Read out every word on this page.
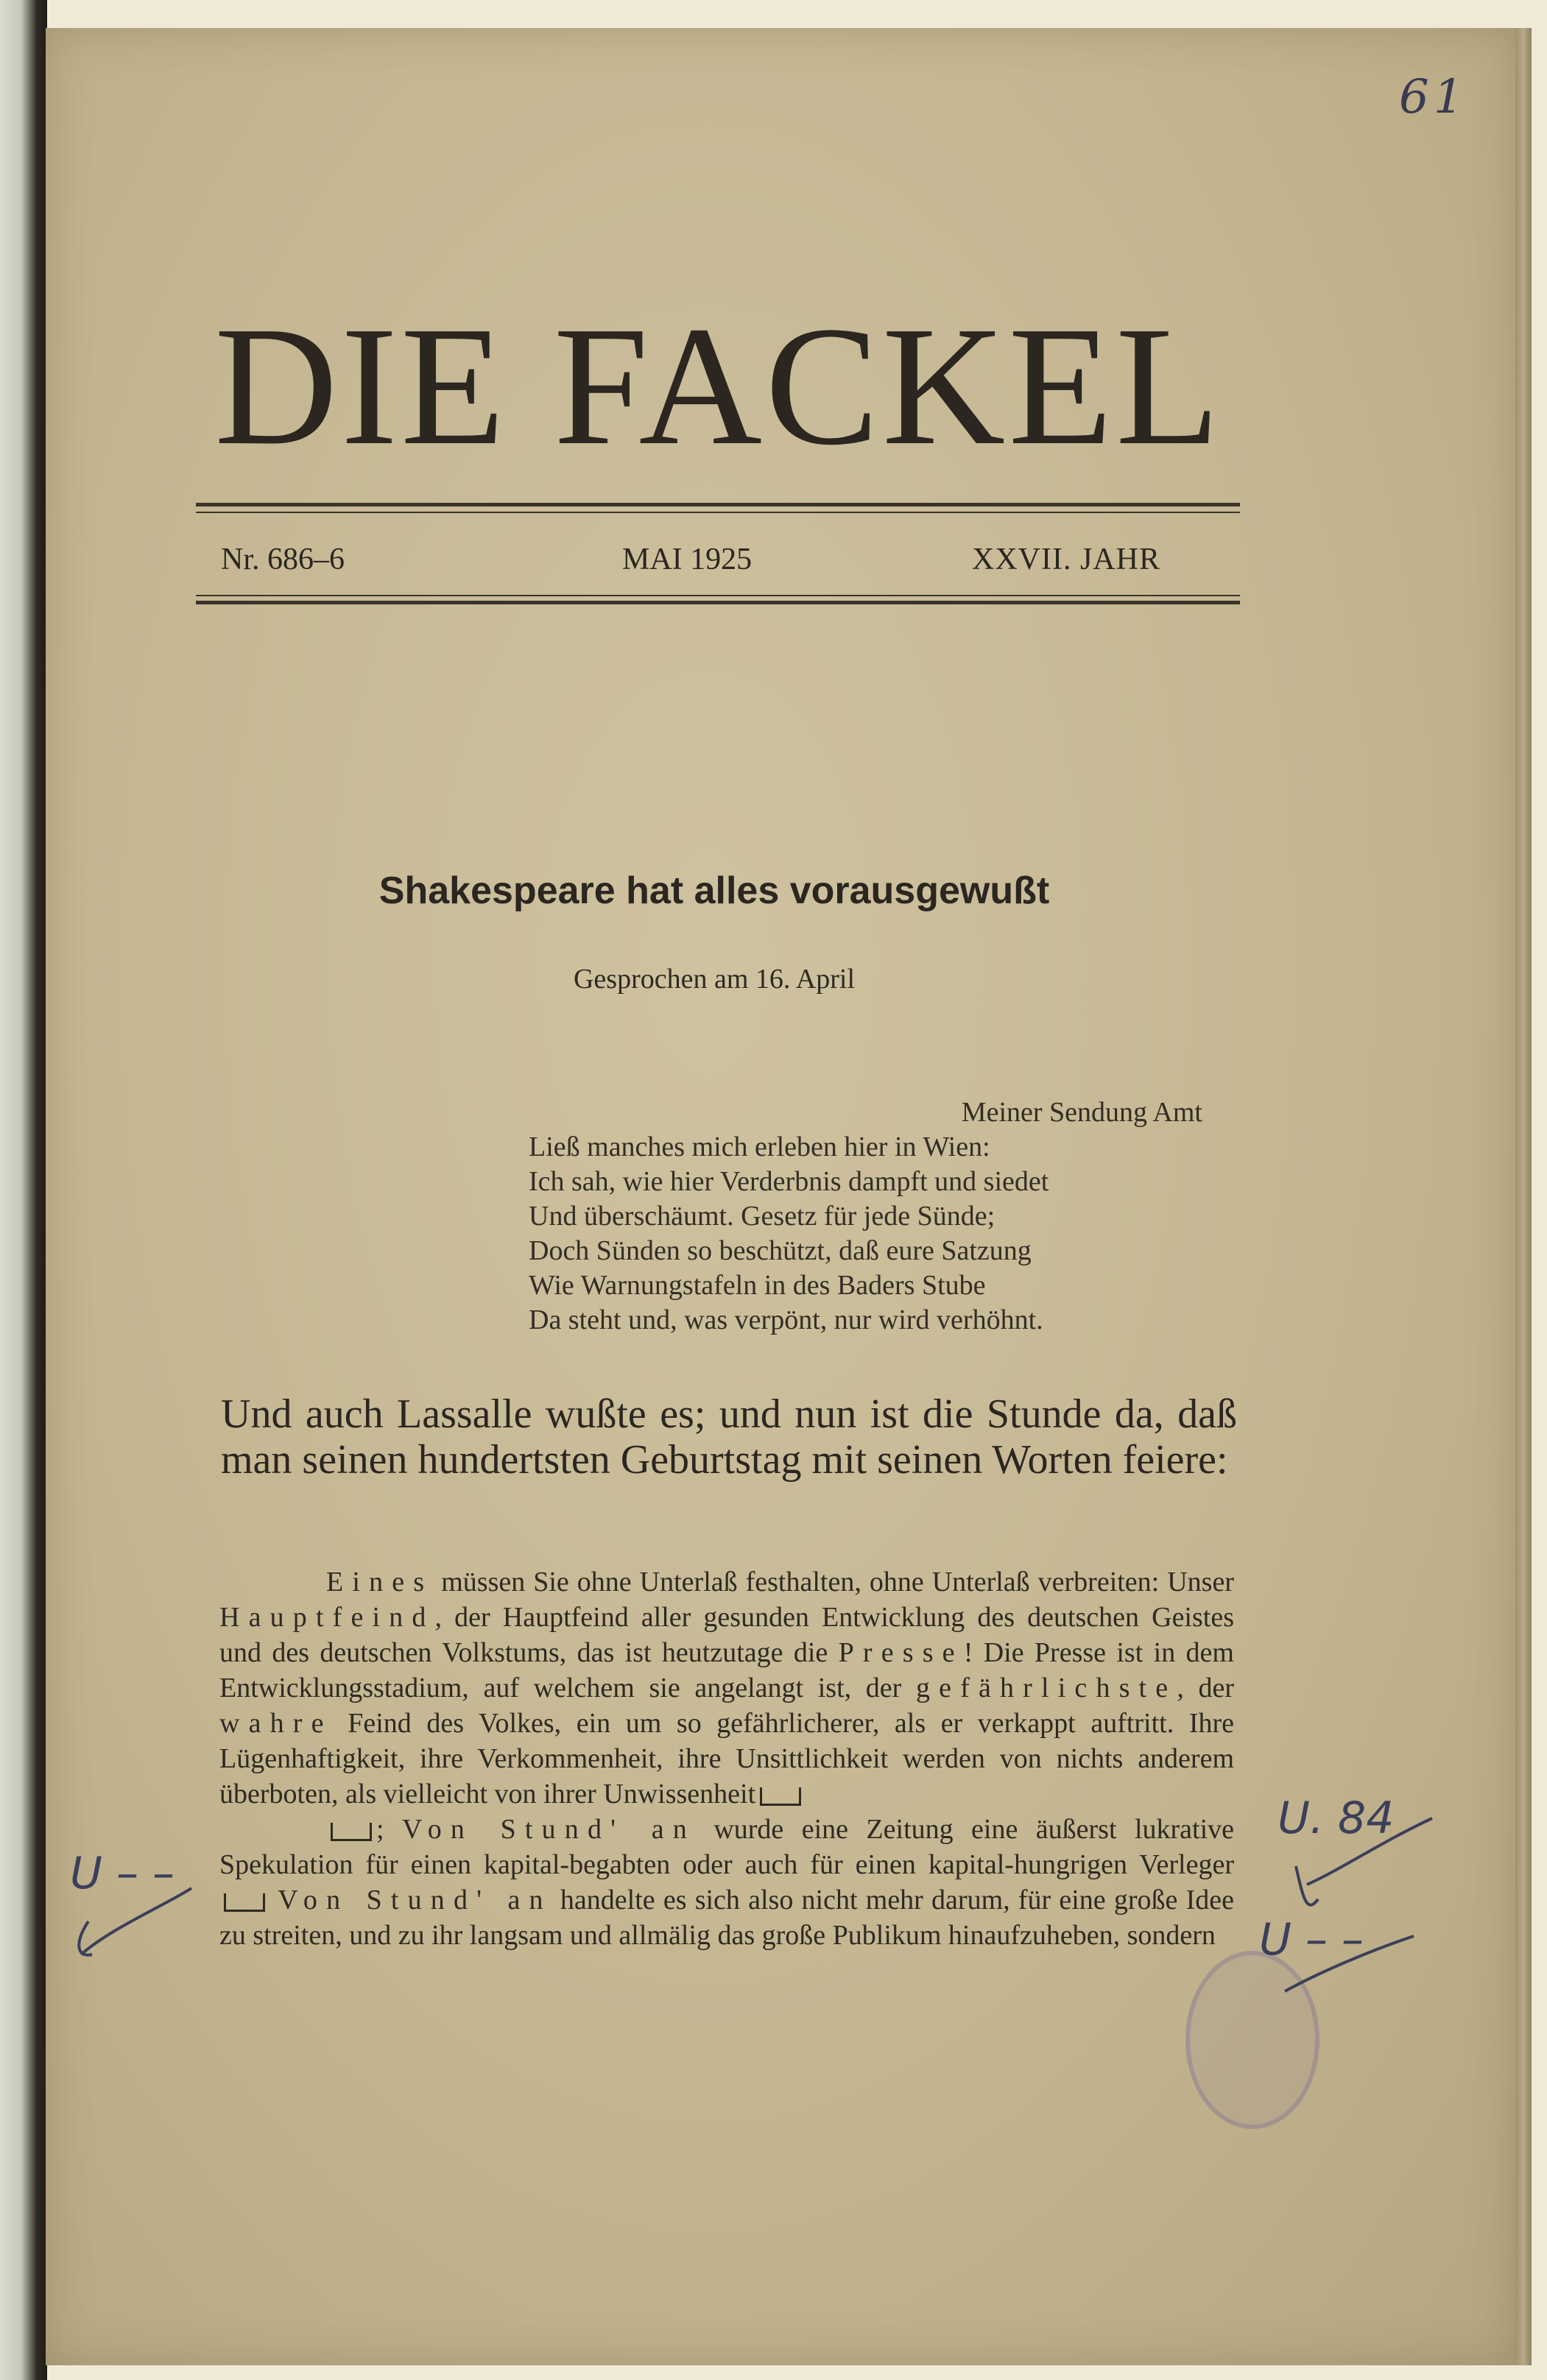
61
DIE FACKEL
Nr. 686–6	MAI 1925	XXVII. JAHR
Shakespeare hat alles vorausgewußt
Gesprochen am 16. April
Meiner Sendung Amt
Ließ manches mich erleben hier in Wien:
Ich sah, wie hier Verderbnis dampft und siedet
Und überschäumt. Gesetz für jede Sünde;
Doch Sünden so beschützt, daß eure Satzung
Wie Warnungstafeln in des Baders Stube
Da steht und, was verpönt, nur wird verhöhnt.
Und auch Lassalle wußte es; und nun ist die Stunde da, daß man seinen hundertsten Geburtstag mit seinen Worten feiere:

Eines müssen Sie ohne Unterlaß festhalten, ohne Unterlaß verbreiten: Unser Hauptfeind, der Hauptfeind aller gesunden Entwicklung des deutschen Geistes und des deutschen Volkstums, das ist heutzutage die Presse! Die Presse ist in dem Entwicklungsstadium, auf welchem sie angelangt ist, der gefährlichste, der wahre Feind des Volkes, ein um so gefährlicherer, als er verkappt auftritt. Ihre Lügenhaftigkeit, ihre Verkommenheit, ihre Unsittlichkeit werden von nichts anderem überboten, als vielleicht von ihrer Unwissenheit

; Von Stund' an wurde eine Zeitung eine äußerst lukrative Spekulation für einen kapital-begabten oder auch für einen kapital-hungrigen Verleger Von Stund' an handelte es sich also nicht mehr darum, für eine große Idee zu streiten, und zu ihr langsam und allmälig das große Publikum hinaufzuheben, sondern

U. 84
U – –
U – –
